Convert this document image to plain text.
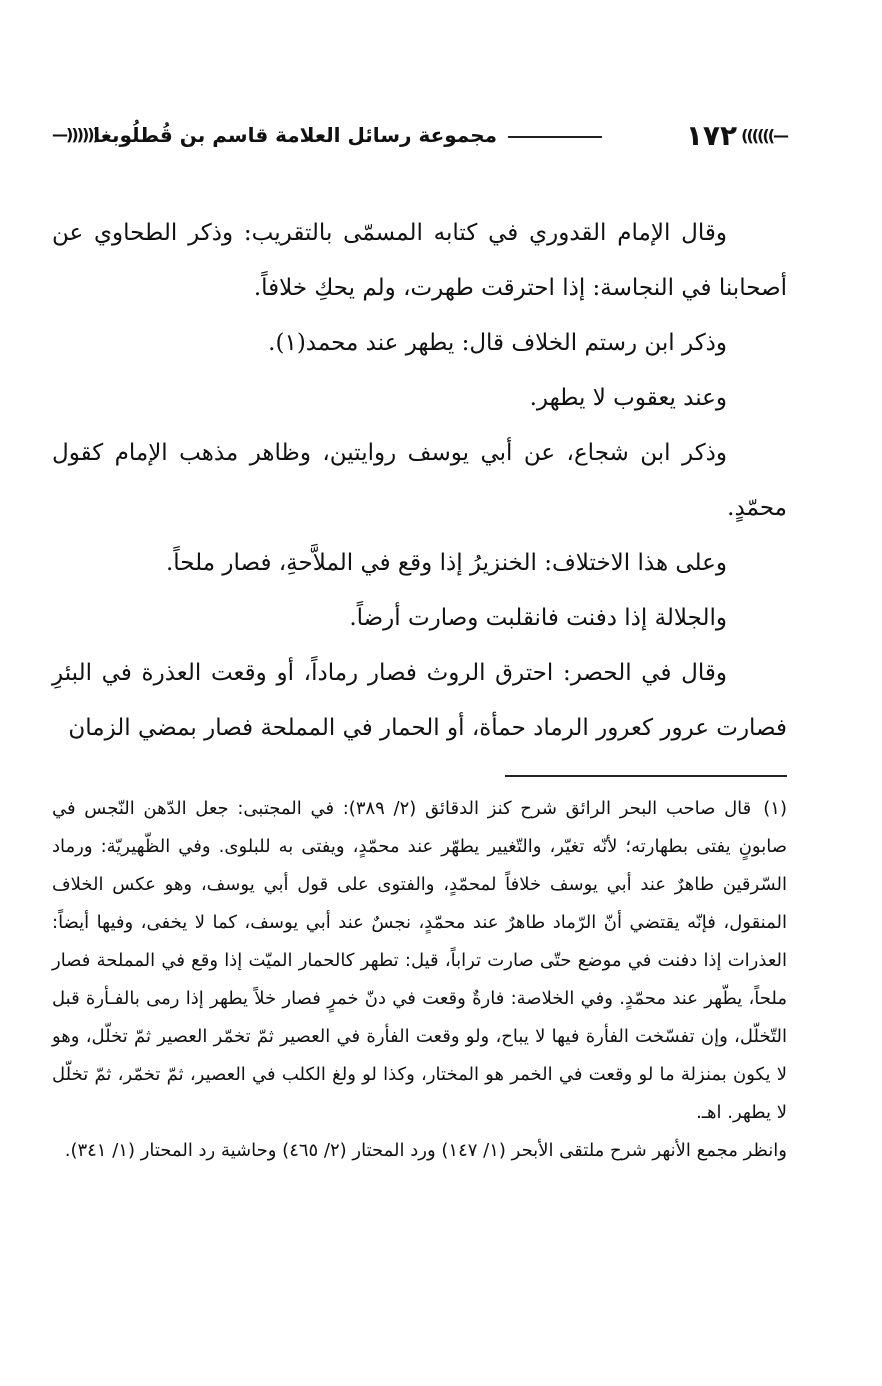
—))))))
١٧٢
مجموعة رسائل العلامة قاسم بن قُطلُوبغا
((((((—

وقال الإمام القدوري في كتابه المسمّى بالتقريب: وذكر الطحاوي عن أصحابنا في النجاسة: إذا احترقت طهرت، ولم يحكِ خلافاً.

وذكر ابن رستم الخلاف قال: يطهر عند محمد(١).

وعند يعقوب لا يطهر.

وذكر ابن شجاع، عن أبي يوسف روايتين، وظاهر مذهب الإمام كقول محمّدٍ.

وعلى هذا الاختلاف: الخنزيرُ إذا وقع في الملاَّحةِ، فصار ملحاً.

والجلالة إذا دفنت فانقلبت وصارت أرضاً.

وقال في الحصر: احترق الروث فصار رماداً، أو وقعت العذرة في البئرِ فصارت عرور كعرور الرماد حمأة، أو الحمار في المملحة فصار بمضي الزمان

(١)قال صاحب البحر الرائق شرح كنز الدقائق (٢/ ٣٨٩): في المجتبى: جعل الدّهن النّجس في صابونٍ يفتى بطهارته؛ لأنّه تغيّر، والتّغيير يطهّر عند محمّدٍ، ويفتى به للبلوى. وفي الظّهيريّة: ورماد السّرقين طاهرٌ عند أبي يوسف خلافاً لمحمّدٍ، والفتوى على قول أبي يوسف، وهو عكس الخلاف المنقول، فإنّه يقتضي أنّ الرّماد طاهرٌ عند محمّدٍ، نجسٌ عند أبي يوسف، كما لا يخفى، وفيها أيضاً: العذرات إذا دفنت في موضع حتّى صارت تراباً، قيل: تطهر كالحمار الميّت إذا وقع في المملحة فصار ملحاً، يطّهر عند محمّدٍ. وفي الخلاصة: فارةٌ وقعت في دنّ خمرٍ فصار خلاً يطهر إذا رمى بالفـأرة قبل التّخلّل، وإن تفسّخت الفأرة فيها لا يباح، ولو وقعت الفأرة في العصير ثمّ تخمّر العصير ثمّ تخلّل، وهو لا يكون بمنزلة ما لو وقعت في الخمر هو المختار، وكذا لو ولغ الكلب في العصير، ثمّ تخمّر، ثمّ تخلّل لا يطهر. اهـ.

وانظر مجمع الأنهر شرح ملتقى الأبحر (١/ ١٤٧) ورد المحتار (٢/ ٤٦٥) وحاشية رد المحتار (١/ ٣٤١).
